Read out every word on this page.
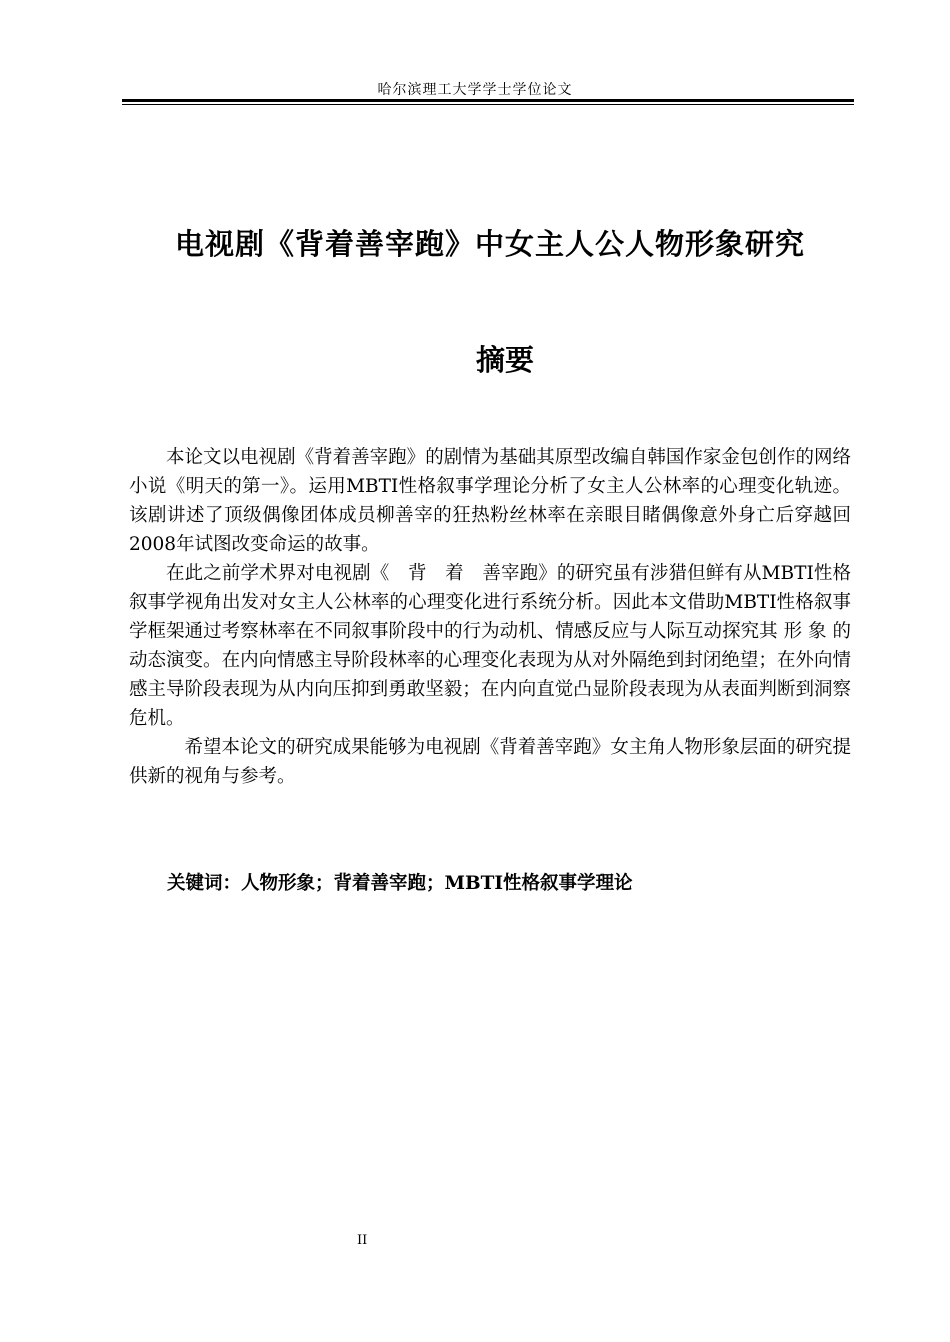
哈尔滨理工大学学士学位论文
电视剧《背着善宰跑》中女主人公人物形象研究
摘要

本论文以电视剧《背着善宰跑》的剧情为基础其原型改编自韩国作家金包创作的网络小说《明天的第一》。运用MBTI性格叙事学理论分析了女主人公林率的心理变化轨迹。该剧讲述了顶级偶像团体成员柳善宰的狂热粉丝林率在亲眼目睹偶像意外身亡后穿越回2008年试图改变命运的故事。

在此之前学术界对电视剧《　背　着　善宰跑》的研究虽有涉猎但鲜有从MBTI性格叙事学视角出发对女主人公林率的心理变化进行系统分析。因此本文借助MBTI性格叙事学框架通过考察林率在不同叙事阶段中的行为动机、情感反应与人际互动探究其 形 象 的动态演变。在内向情感主导阶段林率的心理变化表现为从对外隔绝到封闭绝望；在外向情感主导阶段表现为从内向压抑到勇敢坚毅；在内向直觉凸显阶段表现为从表面判断到洞察危机。

希望本论文的研究成果能够为电视剧《背着善宰跑》女主角人物形象层面的研究提供新的视角与参考。

关键词：人物形象；背着善宰跑；MBTI性格叙事学理论
II
